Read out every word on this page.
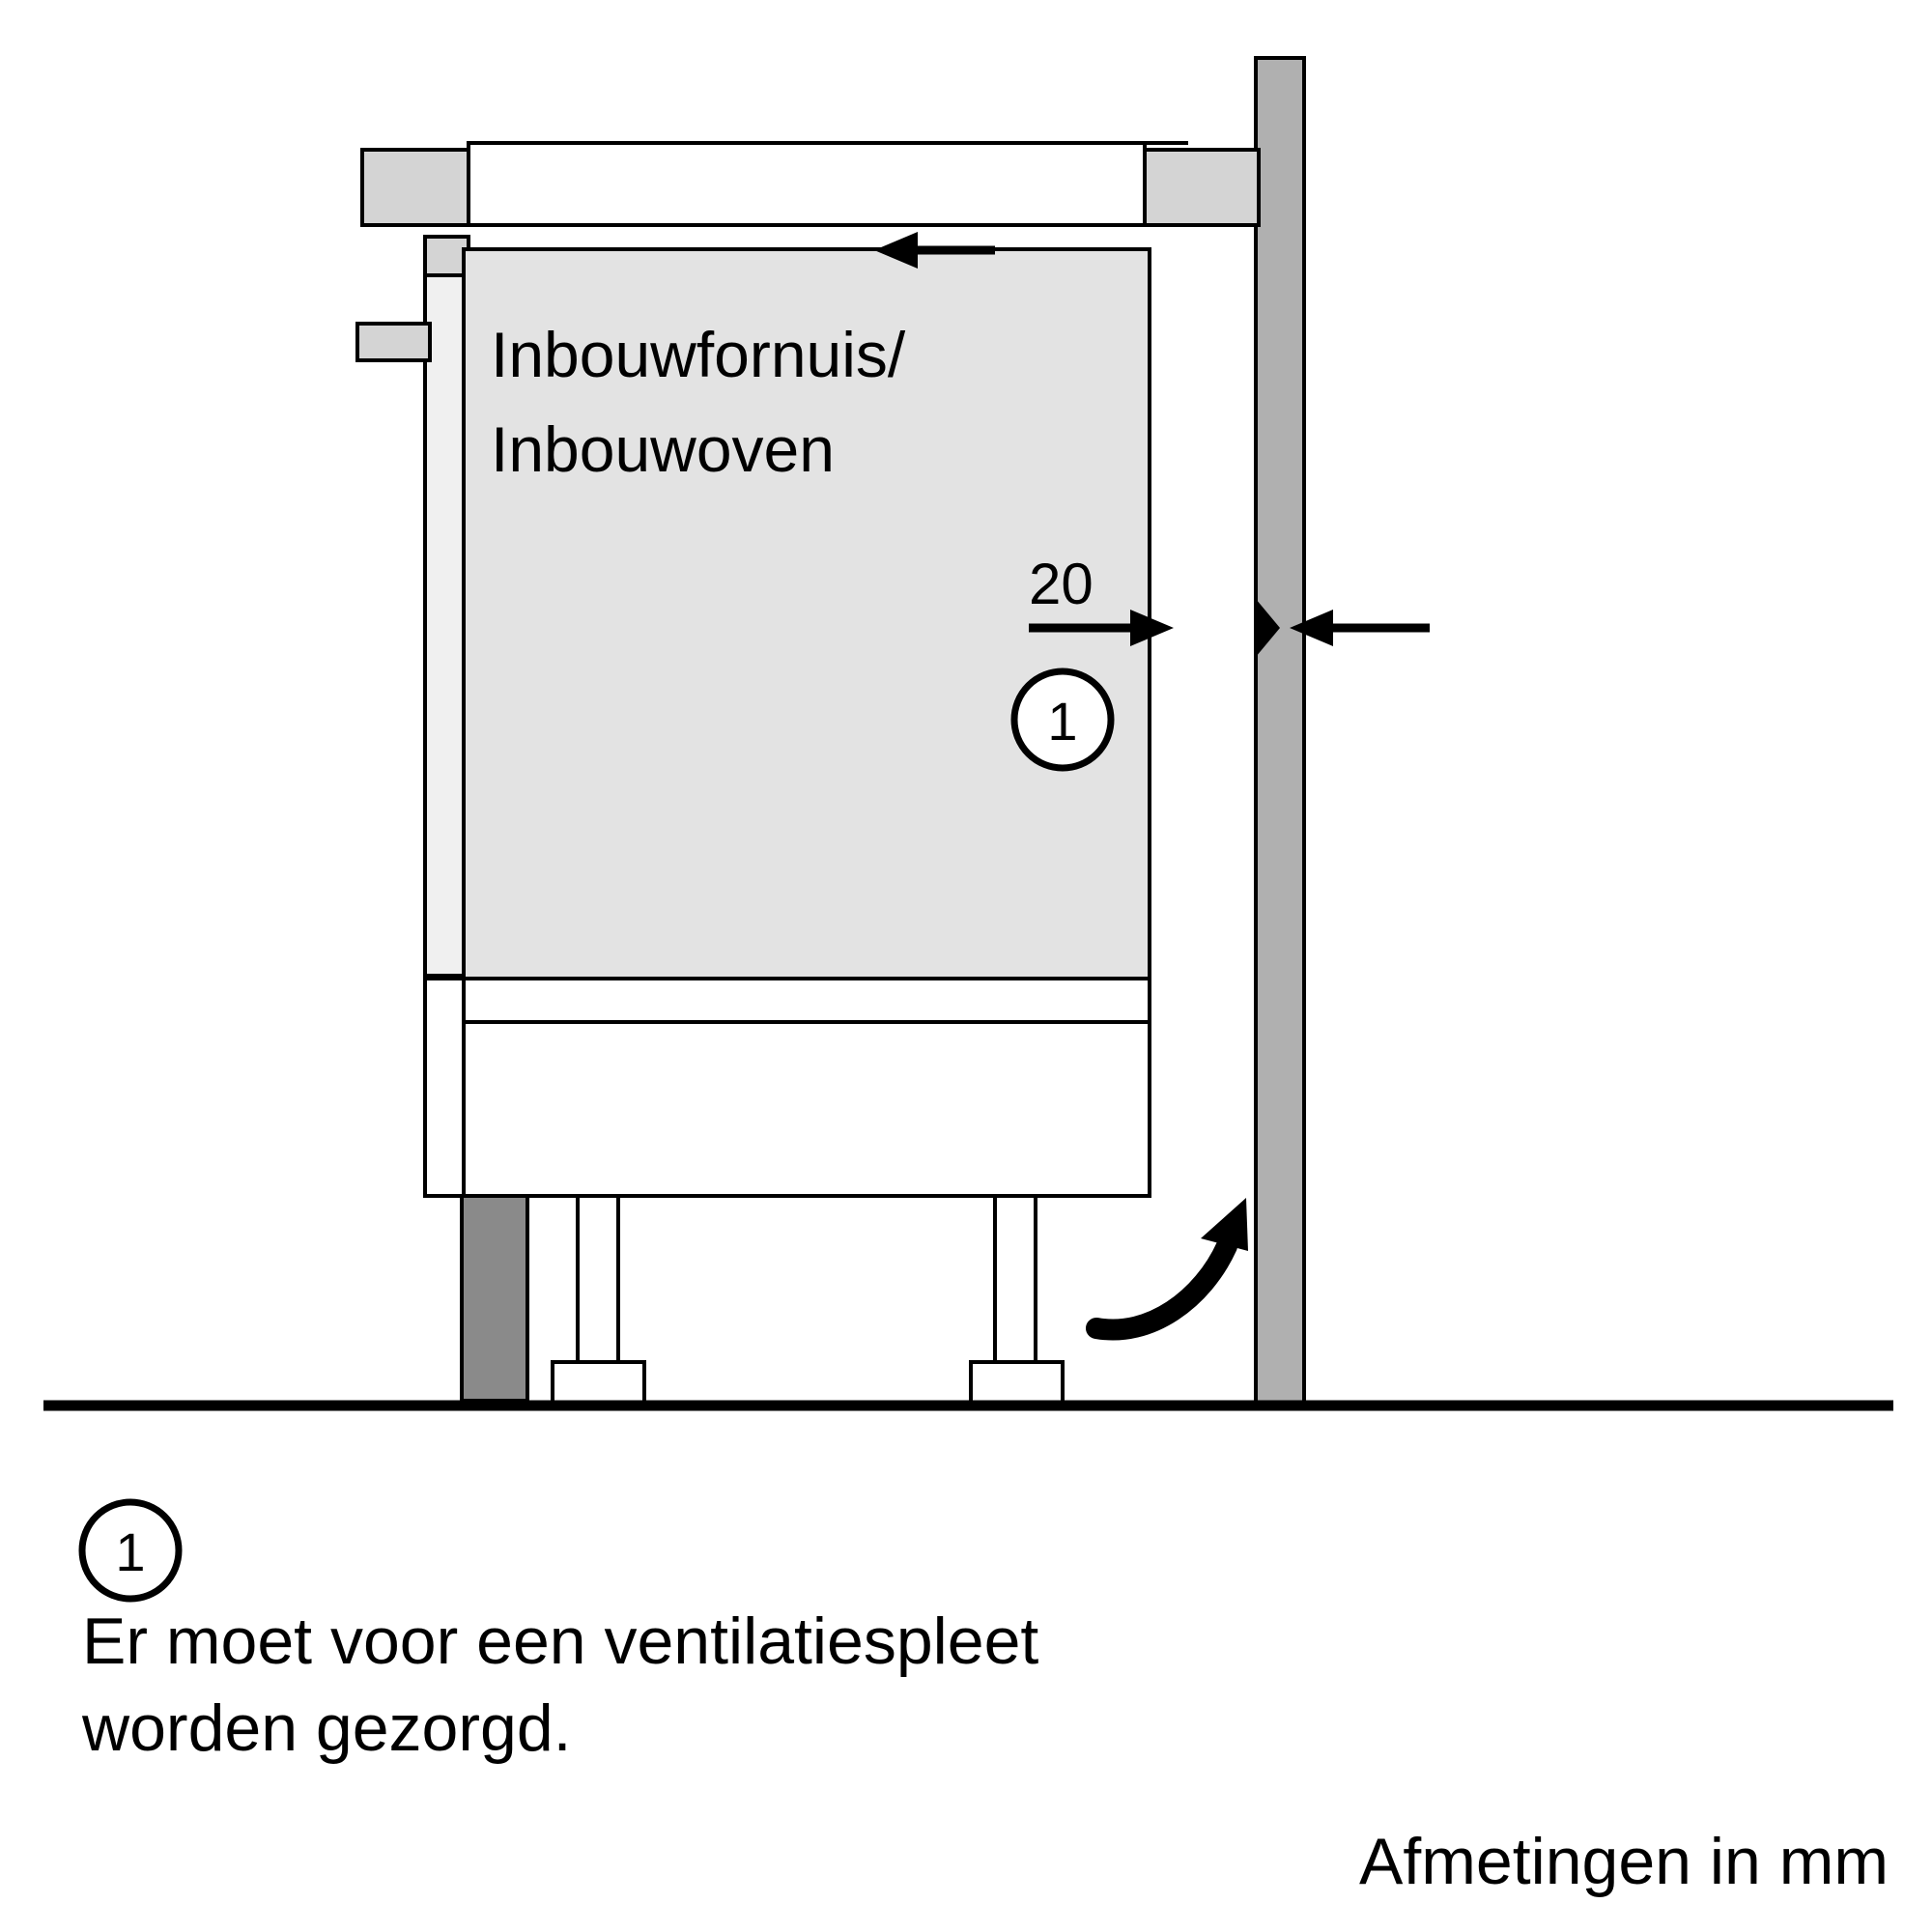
Inbouwfornuis/
Inbouwoven
20
1
1
Er moet voor een ventilatiespleet
worden gezorgd.
Afmetingen in mm
